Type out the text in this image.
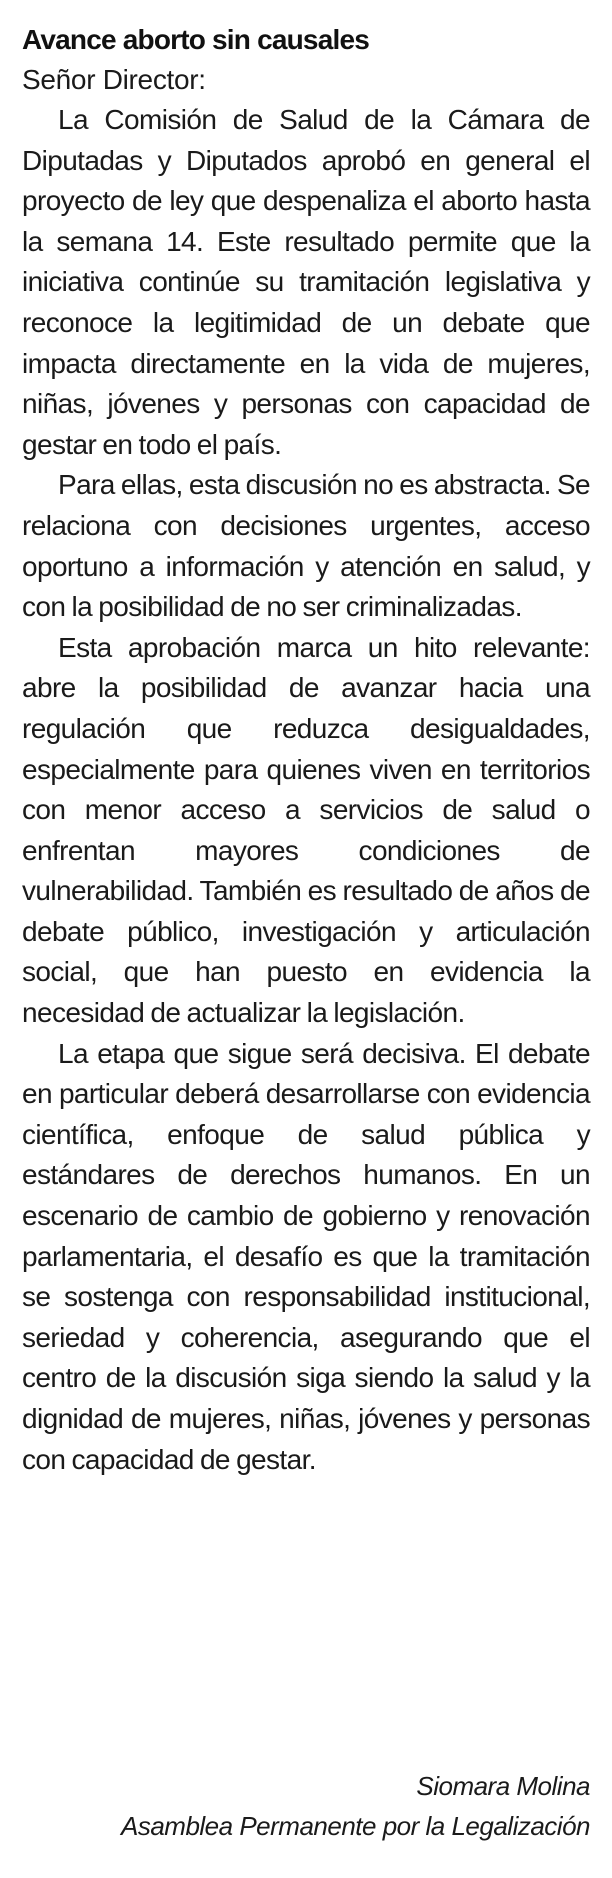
Avance aborto sin causales

Señor Director:

La Comisión de Salud de la Cámara de Diputadas y Diputados aprobó en general el proyecto de ley que despenaliza el aborto hasta la semana 14. Este resultado permite que la iniciativa continúe su tramitación legislativa y reconoce la legitimidad de un debate que impacta directamente en la vida de mujeres, niñas, jóvenes y personas con capacidad de gestar en todo el país.

Para ellas, esta discusión no es abstracta. Se relaciona con decisiones urgentes, acceso oportuno a información y atención en salud, y con la posibilidad de no ser criminalizadas.

Esta aprobación marca un hito relevante: abre la posibilidad de avanzar hacia una regulación que reduzca desigualdades, especialmente para quienes viven en territorios con menor acceso a servicios de salud o enfrentan mayores condiciones de vulnerabilidad. También es resultado de años de debate público, investigación y articulación social, que han puesto en evidencia la necesidad de actualizar la legislación.

La etapa que sigue será decisiva. El debate en particular deberá desarrollarse con evidencia científica, enfoque de salud pública y estándares de derechos humanos. En un escenario de cambio de gobierno y renovación parlamentaria, el desafío es que la tramitación se sostenga con responsabilidad institucional, seriedad y coherencia, asegurando que el centro de la discusión siga siendo la salud y la dignidad de mujeres, niñas, jóvenes y personas con capacidad de gestar.

Siomara Molina
Asamblea Permanente por la Legalización
